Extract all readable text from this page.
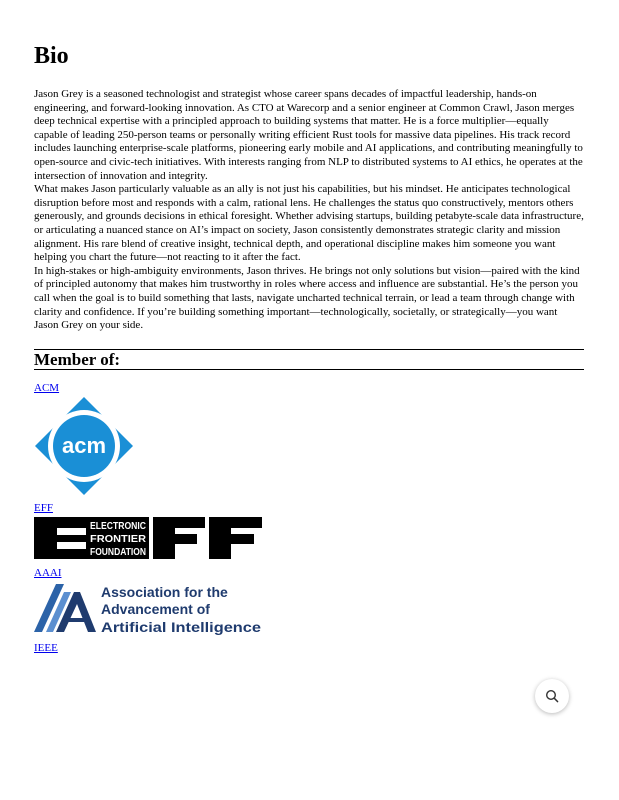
Bio

Jason Grey is a seasoned technologist and strategist whose career spans decades of impactful leadership, hands-on engineering, and forward-looking innovation. As CTO at Warecorp and a senior engineer at Common Crawl, Jason merges deep technical expertise with a principled approach to building systems that matter. He is a force multiplier—equally capable of leading 250-person teams or personally writing efficient Rust tools for massive data pipelines. His track record includes launching enterprise-scale platforms, pioneering early mobile and AI applications, and contributing meaningfully to open-source and civic-tech initiatives. With interests ranging from NLP to distributed systems to AI ethics, he operates at the intersection of innovation and integrity.

What makes Jason particularly valuable as an ally is not just his capabilities, but his mindset. He anticipates technological disruption before most and responds with a calm, rational lens. He challenges the status quo constructively, mentors others generously, and grounds decisions in ethical foresight. Whether advising startups, building petabyte-scale data infrastructure, or articulating a nuanced stance on AI’s impact on society, Jason consistently demonstrates strategic clarity and mission alignment. His rare blend of creative insight, technical depth, and operational discipline makes him someone you want helping you chart the future—not reacting to it after the fact.

In high-stakes or high-ambiguity environments, Jason thrives. He brings not only solutions but vision—paired with the kind of principled autonomy that makes him trustworthy in roles where access and influence are substantial. He’s the person you call when the goal is to build something that lasts, navigate uncharted technical terrain, or lead a team through change with clarity and confidence. If you’re building something important—technologically, societally, or strategically—you want Jason Grey on your side.

Member of:
ACM
acm
EFF
ELECTRONIC
FRONTIER
FOUNDATION
AAAI
Association for the
Advancement of
Artificial Intelligence
IEEE
